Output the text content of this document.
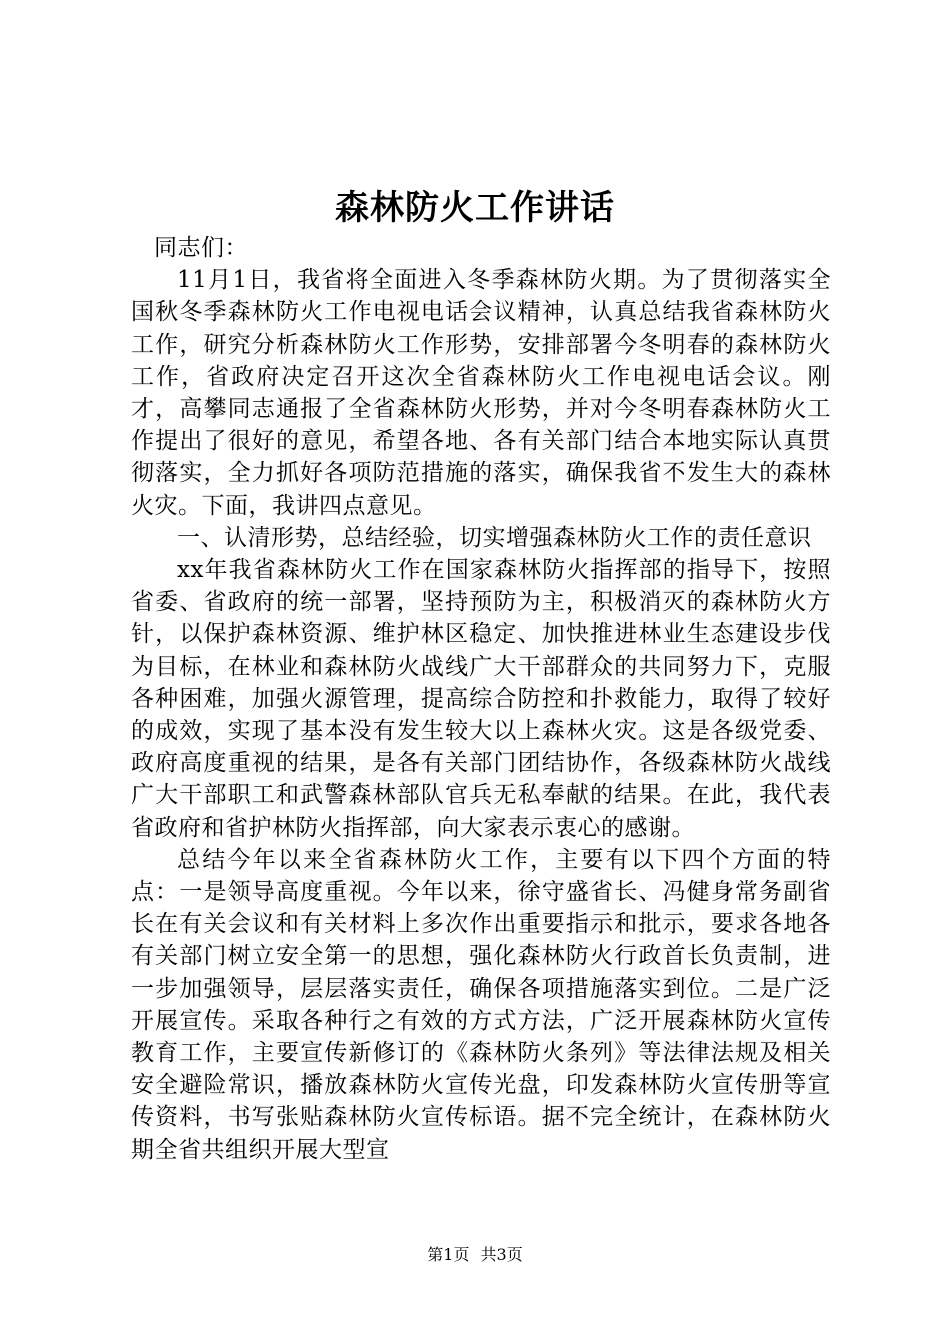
森林防火工作讲话

同志们：

11月1日，我省将全面进入冬季森林防火期。为了贯彻落实全国秋冬季森林防火工作电视电话会议精神，认真总结我省森林防火工作，研究分析森林防火工作形势，安排部署今冬明春的森林防火工作，省政府决定召开这次全省森林防火工作电视电话会议。刚才，高攀同志通报了全省森林防火形势，并对今冬明春森林防火工作提出了很好的意见，希望各地、各有关部门结合本地实际认真贯彻落实，全力抓好各项防范措施的落实，确保我省不发生大的森林火灾。下面，我讲四点意见。

一、认清形势，总结经验，切实增强森林防火工作的责任意识

xx年我省森林防火工作在国家森林防火指挥部的指导下，按照省委、省政府的统一部署，坚持预防为主，积极消灭的森林防火方针，以保护森林资源、维护林区稳定、加快推进林业生态建设步伐为目标，在林业和森林防火战线广大干部群众的共同努力下，克服各种困难，加强火源管理，提高综合防控和扑救能力，取得了较好的成效，实现了基本没有发生较大以上森林火灾。这是各级党委、政府高度重视的结果，是各有关部门团结协作，各级森林防火战线广大干部职工和武警森林部队官兵无私奉献的结果。在此，我代表省政府和省护林防火指挥部，向大家表示衷心的感谢。

总结今年以来全省森林防火工作，主要有以下四个方面的特点：一是领导高度重视。今年以来，徐守盛省长、冯健身常务副省长在有关会议和有关材料上多次作出重要指示和批示，要求各地各有关部门树立安全第一的思想，强化森林防火行政首长负责制，进一步加强领导，层层落实责任，确保各项措施落实到位。二是广泛开展宣传。采取各种行之有效的方式方法，广泛开展森林防火宣传教育工作，主要宣传新修订的《森林防火条列》等法律法规及相关安全避险常识，播放森林防火宣传光盘，印发森林防火宣传册等宣传资料，书写张贴森林防火宣传标语。据不完全统计，在森林防火期全省共组织开展大型宣

第1页 共3页
